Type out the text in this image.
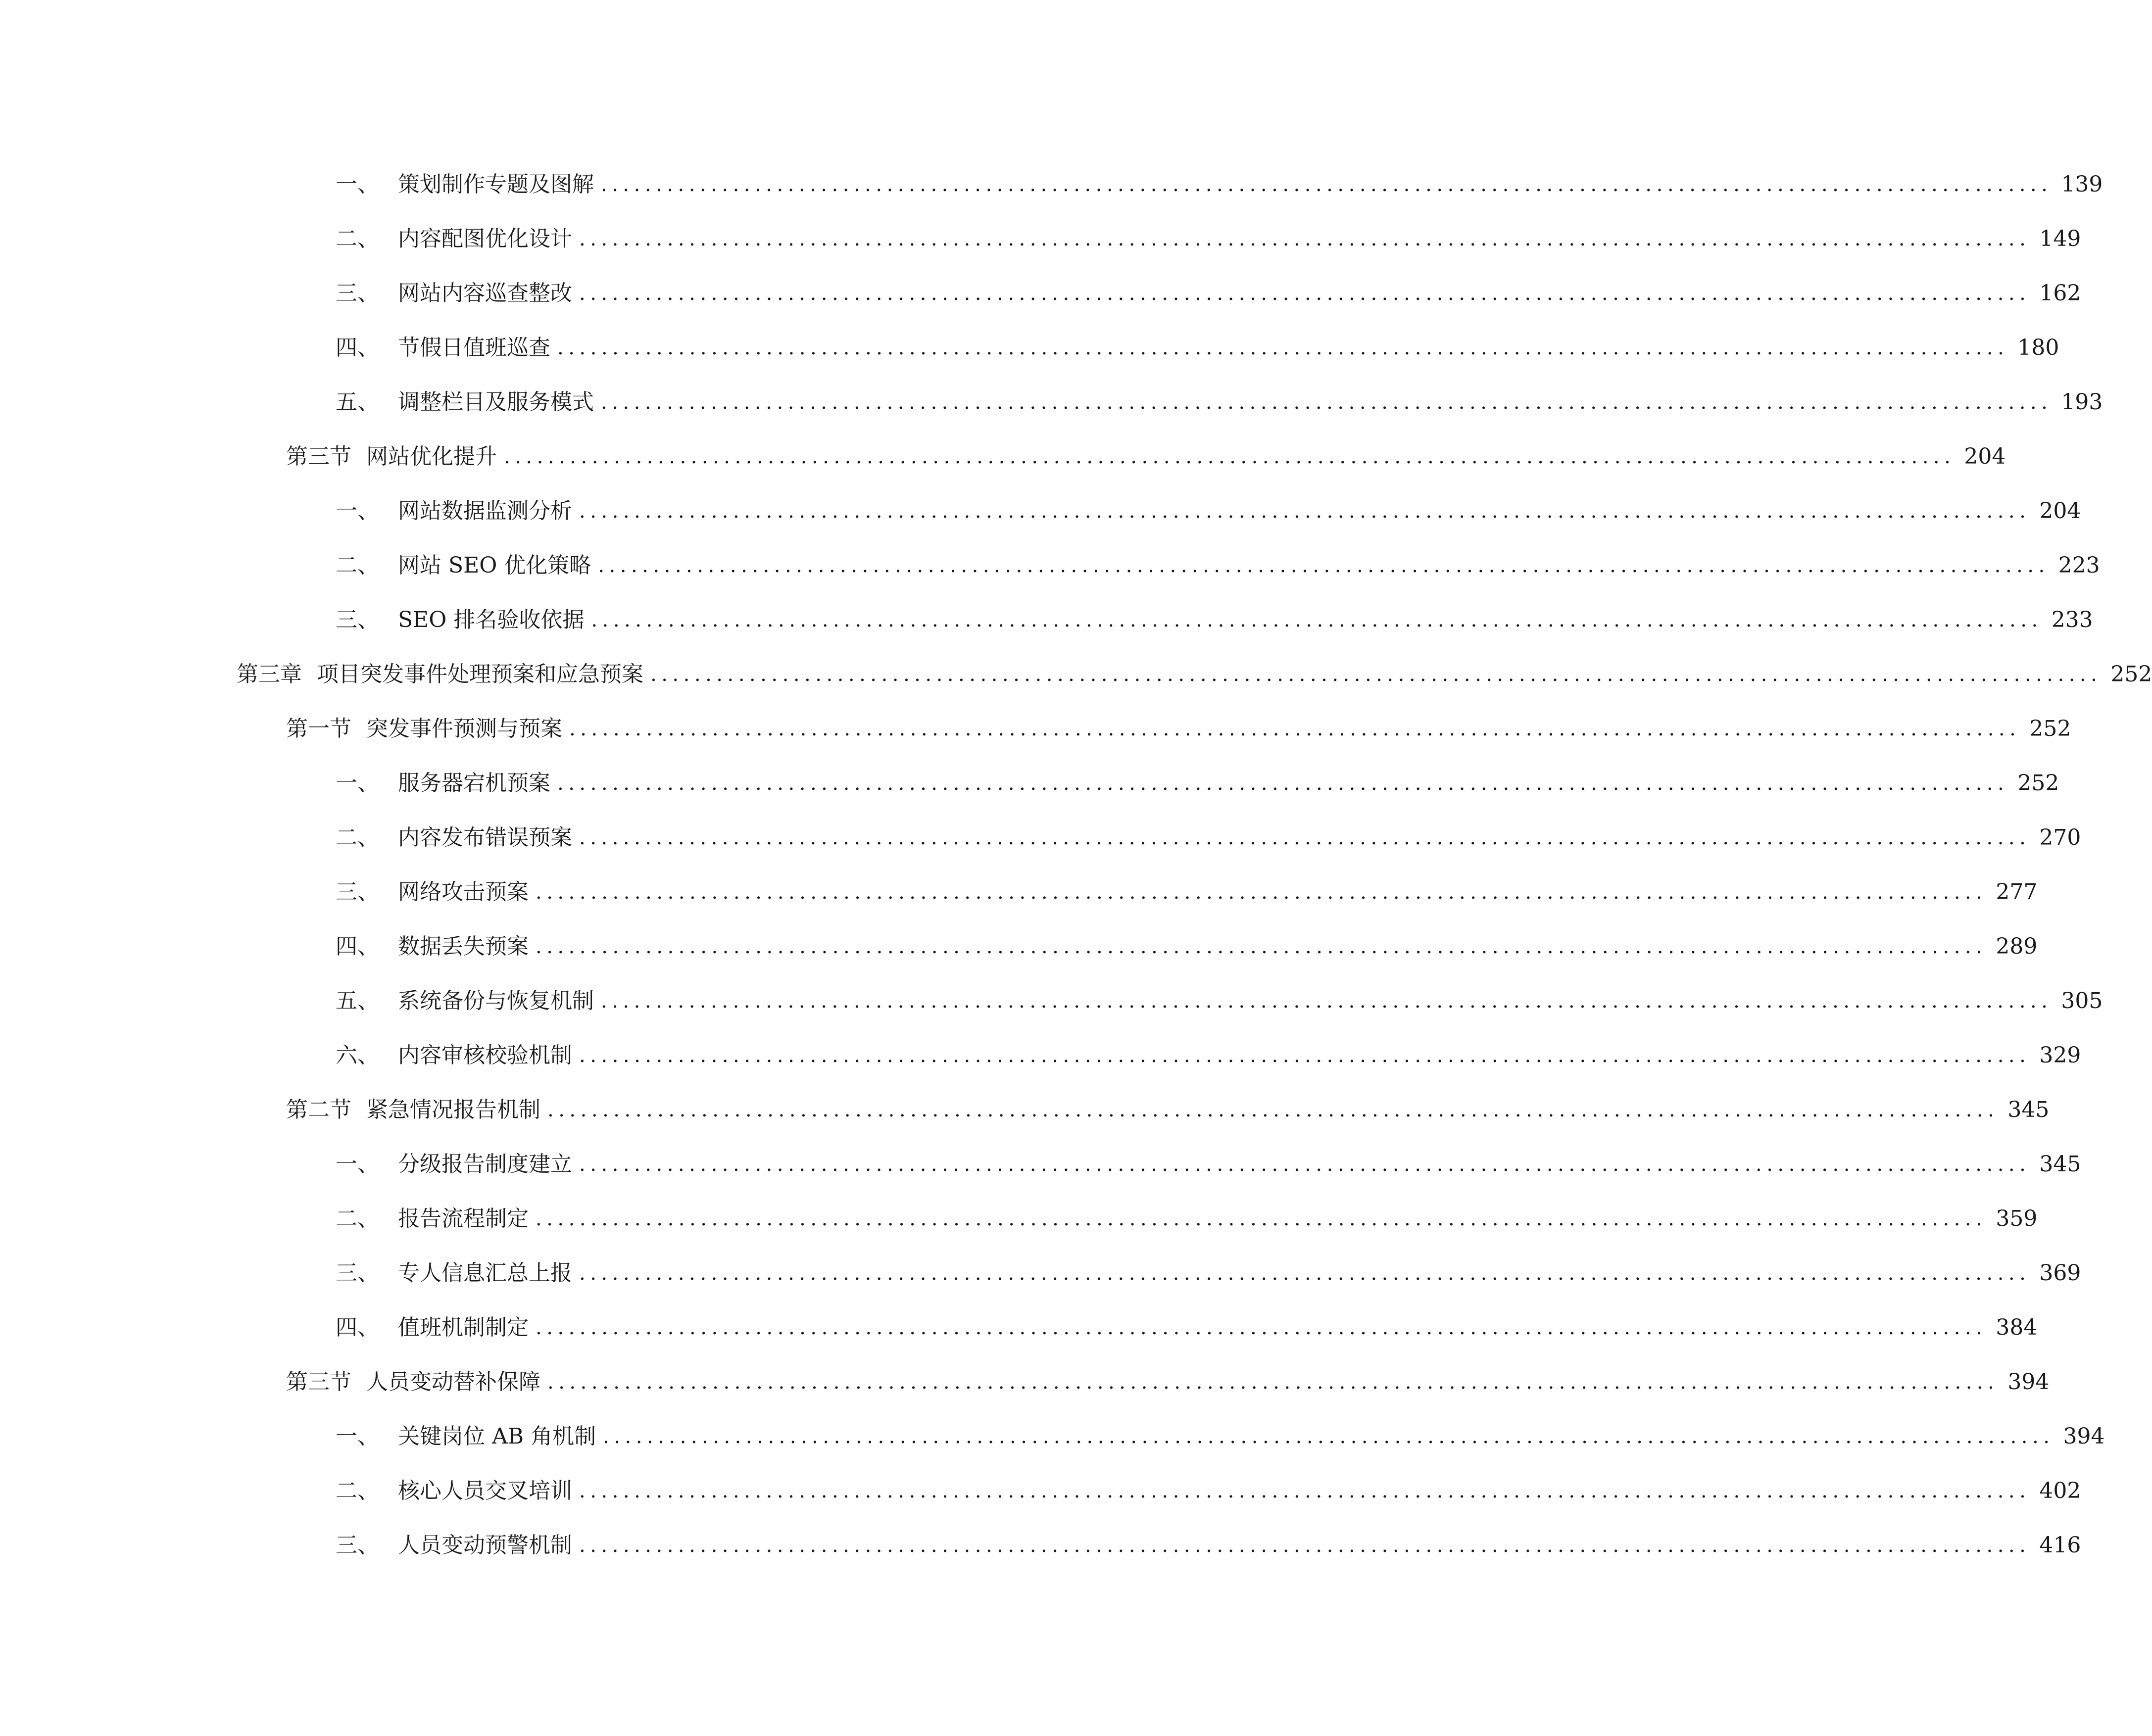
一、 策划制作专题及图解 .................................................................................................................................... 139
二、 内容配图优化设计 .................................................................................................................................... 149
三、 网站内容巡查整改 .................................................................................................................................... 162
四、 节假日值班巡查 .................................................................................................................................... 180
五、 调整栏目及服务模式 .................................................................................................................................... 193
第三节 网站优化提升 .................................................................................................................................... 204
一、 网站数据监测分析 .................................................................................................................................... 204
二、 网站 SEO 优化策略 .................................................................................................................................... 223
三、 SEO 排名验收依据 .................................................................................................................................... 233
第三章 项目突发事件处理预案和应急预案 .................................................................................................................................... 252
第一节 突发事件预测与预案 .................................................................................................................................... 252
一、 服务器宕机预案 .................................................................................................................................... 252
二、 内容发布错误预案 .................................................................................................................................... 270
三、 网络攻击预案 .................................................................................................................................... 277
四、 数据丢失预案 .................................................................................................................................... 289
五、 系统备份与恢复机制 .................................................................................................................................... 305
六、 内容审核校验机制 .................................................................................................................................... 329
第二节 紧急情况报告机制 .................................................................................................................................... 345
一、 分级报告制度建立 .................................................................................................................................... 345
二、 报告流程制定 .................................................................................................................................... 359
三、 专人信息汇总上报 .................................................................................................................................... 369
四、 值班机制制定 .................................................................................................................................... 384
第三节 人员变动替补保障 .................................................................................................................................... 394
一、 关键岗位 AB 角机制 .................................................................................................................................... 394
二、 核心人员交叉培训 .................................................................................................................................... 402
三、 人员变动预警机制 .................................................................................................................................... 416
